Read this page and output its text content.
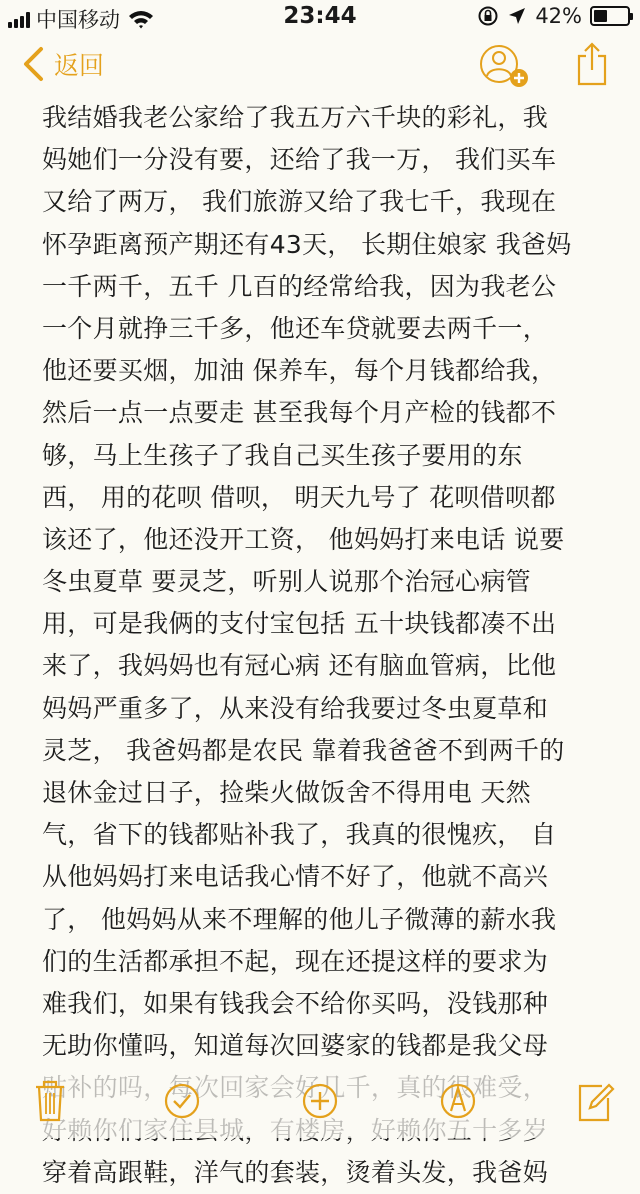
中国移动	23:44	42%
返回
我结婚我老公家给了我五万六千块的彩礼，我
妈她们一分没有要，还给了我一万， 我们买车
又给了两万， 我们旅游又给了我七千，我现在
怀孕距离预产期还有43天， 长期住娘家 我爸妈
一千两千，五千 几百的经常给我，因为我老公
一个月就挣三千多，他还车贷就要去两千一，
他还要买烟，加油 保养车，每个月钱都给我，
然后一点一点要走 甚至我每个月产检的钱都不
够，马上生孩子了我自己买生孩子要用的东
西， 用的花呗 借呗， 明天九号了 花呗借呗都
该还了，他还没开工资， 他妈妈打来电话 说要
冬虫夏草 要灵芝，听别人说那个治冠心病管
用，可是我俩的支付宝包括 五十块钱都凑不出
来了，我妈妈也有冠心病 还有脑血管病，比他
妈妈严重多了，从来没有给我要过冬虫夏草和
灵芝， 我爸妈都是农民 靠着我爸爸不到两千的
退休金过日子，捡柴火做饭舍不得用电 天然
气，省下的钱都贴补我了，我真的很愧疚， 自
从他妈妈打来电话我心情不好了，他就不高兴
了， 他妈妈从来不理解的他儿子微薄的薪水我
们的生活都承担不起，现在还提这样的要求为
难我们，如果有钱我会不给你买吗，没钱那种
无助你懂吗，知道每次回婆家的钱都是我父母
穿着高跟鞋，洋气的套装，烫着头发，我爸妈
